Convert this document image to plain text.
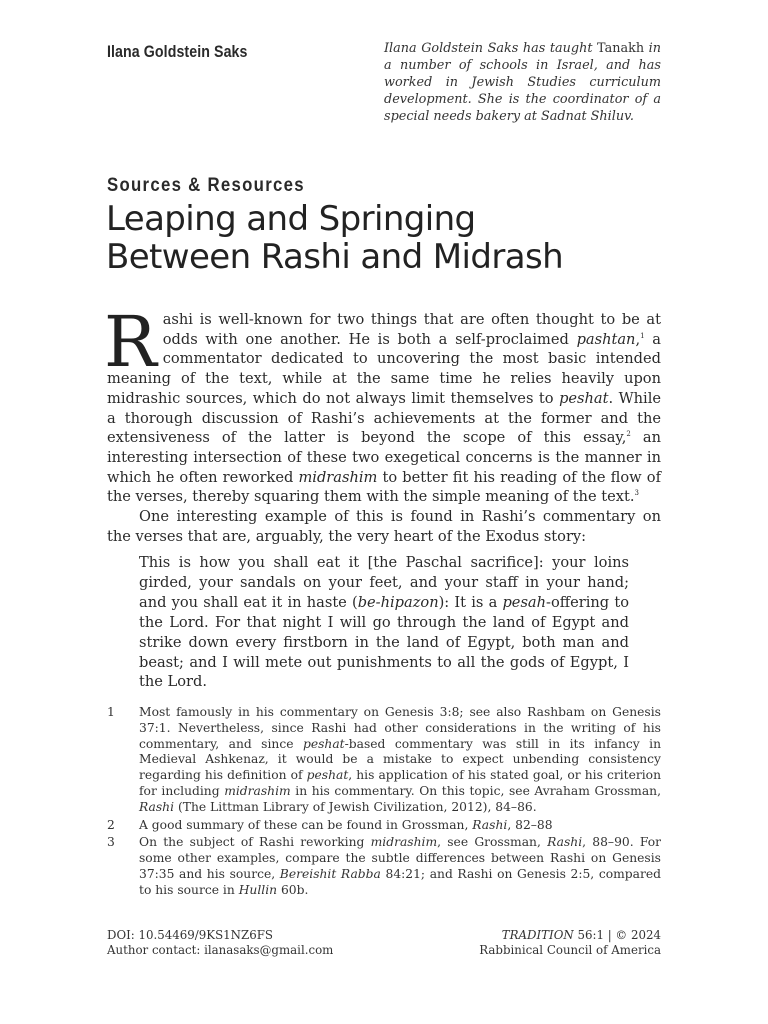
Ilana Goldstein Saks	Ilana Goldstein Saks has taught Tanakh in a number of schools in Israel, and has worked in Jewish Studies curriculum development. She is the coordinator of a special needs bakery at Sadnat Shiluv.
Sources & Resources
Leaping and Springing
Between Rashi and Midrash

Rashi is well-known for two things that are often thought to be at odds with one another. He is both a self-proclaimed pashtan,$^1$ a commentator dedicated to uncovering the most basic intended meaning of the text, while at the same time he relies heavily upon midrashic sources, which do not always limit themselves to peshat. While a thorough discussion of Rashi’s achievements at the former and the extensiveness of the latter is beyond the scope of this essay,$^2$ an interesting intersection of these two exegetical concerns is the manner in which he often reworked midrashim to better fit his reading of the flow of the verses, thereby squaring them with the simple meaning of the text.$^3$

One interesting example of this is found in Rashi’s commentary on the verses that are, arguably, the very heart of the Exodus story:

This is how you shall eat it [the Paschal sacrifice]: your loins girded, your sandals on your feet, and your staff in your hand; and you shall eat it in haste (be-hipazon): It is a pesah-offering to the Lord. For that night I will go through the land of Egypt and strike down every firstborn in the land of Egypt, both man and beast; and I will mete out punishments to all the gods of Egypt, I the Lord.
1	Most famously in his commentary on Genesis 3:8; see also Rashbam on Genesis 37:1. Nevertheless, since Rashi had other considerations in the writing of his commentary, and since peshat-based commentary was still in its infancy in Medieval Ashkenaz, it would be a mistake to expect unbending consistency regarding his definition of peshat, his application of his stated goal, or his criterion for including midrashim in his commentary. On this topic, see Avraham Grossman, Rashi (The Littman Library of Jewish Civilization, 2012), 84–86.
2	A good summary of these can be found in Grossman, Rashi, 82–88
3	On the subject of Rashi reworking midrashim, see Grossman, Rashi, 88–90. For some other examples, compare the subtle differences between Rashi on Genesis 37:35 and his source, Bereishit Rabba 84:21; and Rashi on Genesis 2:5, compared to his source in Hullin 60b.
DOI: 10.54469/9KS1NZ6FS
Author contact: ilanasaks@gmail.com
TRADITION 56:1 | © 2024
Rabbinical Council of America
